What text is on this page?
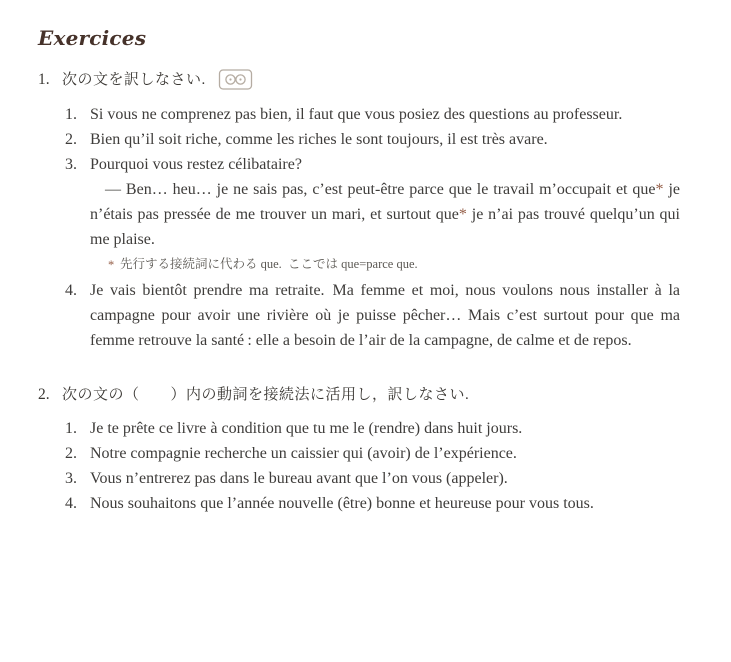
Exercices
1. 次の文を訳しなさい.
1. Si vous ne comprenez pas bien, il faut que vous posiez des questions au professeur.
2. Bien qu’il soit riche, comme les riches le sont toujours, il est très avare.
3. Pourquoi vous restez célibataire?
— Ben… heu… je ne sais pas, c’est peut-être parce que le travail m’occupait et que* je n’étais pas pressée de me trouver un mari, et surtout que* je n’ai pas trouvé quelqu’un qui me plaise.
* 先行する接続詞に代わる que. ここでは que=parce que.
4. Je vais bientôt prendre ma retraite. Ma femme et moi, nous voulons nous installer à la campagne pour avoir une rivière où je puisse pêcher… Mais c’est surtout pour que ma femme retrouve la santé : elle a besoin de l’air de la campagne, de calme et de repos.
2. 次の文の（　　）内の動詞を接続法に活用し，訳しなさい.
1. Je te prête ce livre à condition que tu me le (rendre) dans huit jours.
2. Notre compagnie recherche un caissier qui (avoir) de l’expérience.
3. Vous n’entrerez pas dans le bureau avant que l’on vous (appeler).
4. Nous souhaitons que l’année nouvelle (être) bonne et heureuse pour vous tous.
